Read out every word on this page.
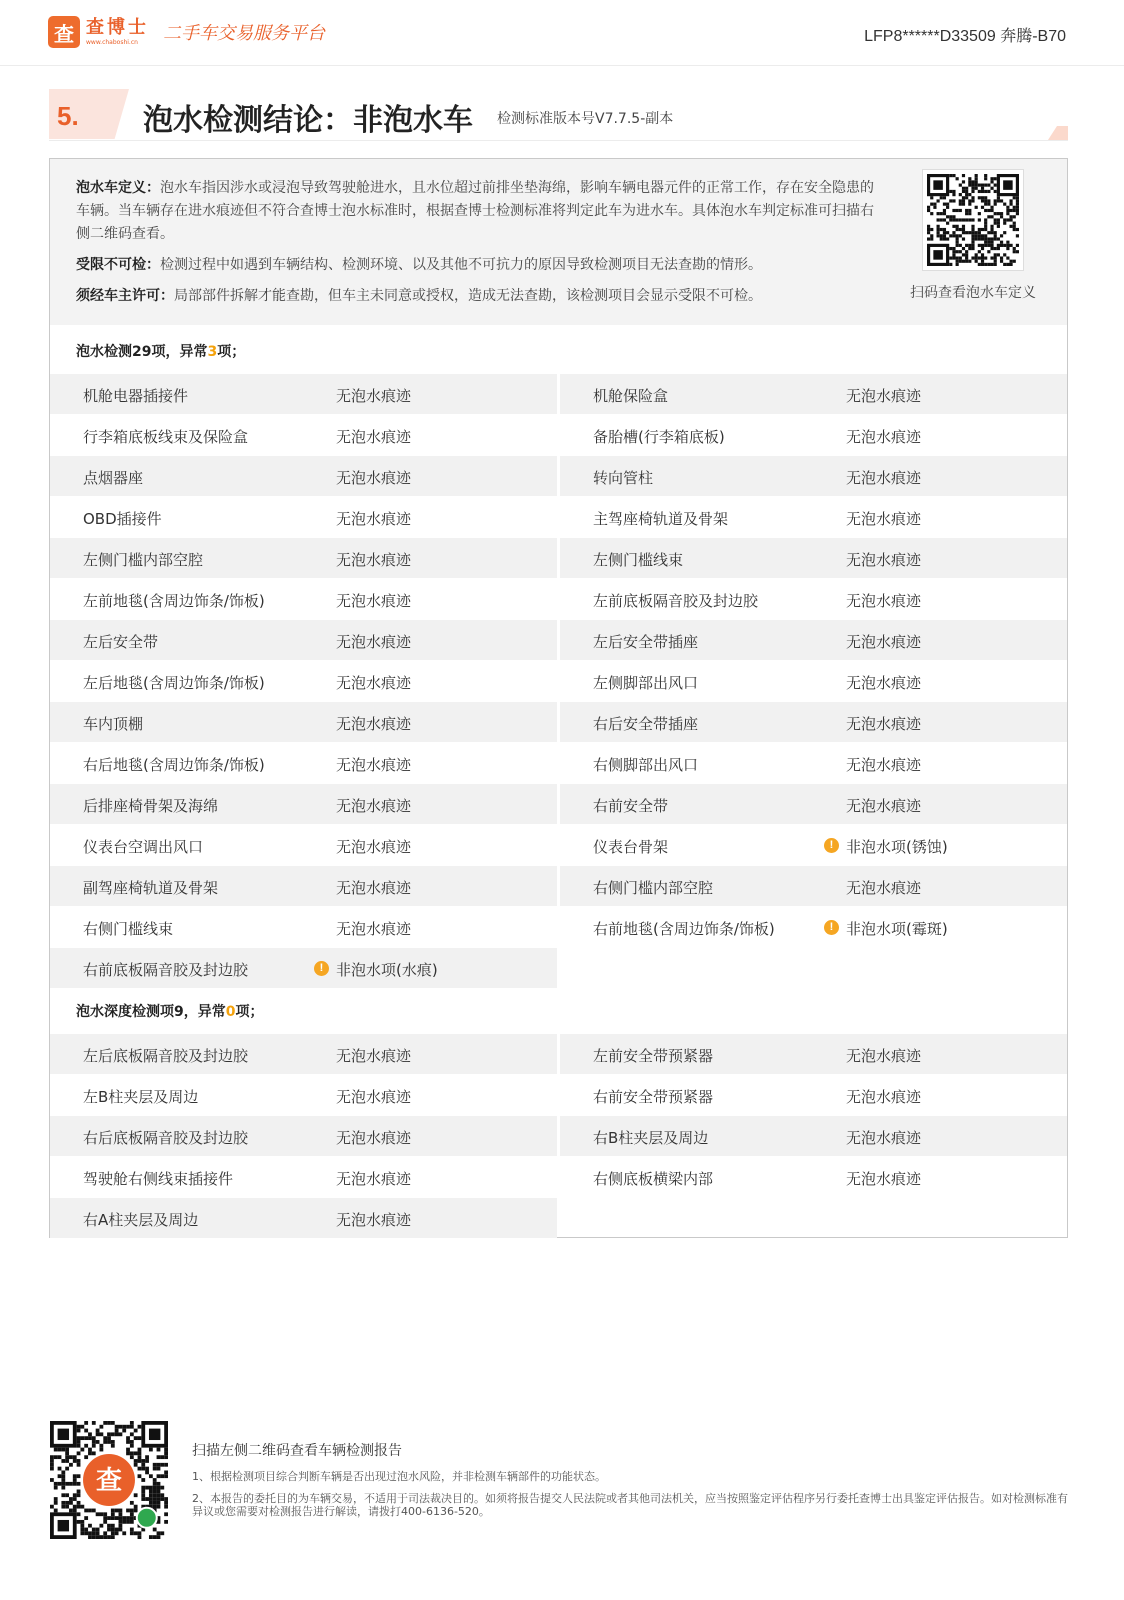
查 查博士
www.chaboshi.cn	二手车交易服务平台	LFP8******D33509 奔腾-B70
5. 泡水检测结论：非泡水车 检测标准版本号V7.7.5-副本

泡水车定义：泡水车指因涉水或浸泡导致驾驶舱进水，且水位超过前排坐垫海绵，影响车辆电器元件的正常工作，存在安全隐患的车辆。当车辆存在进水痕迹但不符合查博士泡水标准时，根据查博士检测标准将判定此车为进水车。具体泡水车判定标准可扫描右侧二维码查看。

受限不可检：检测过程中如遇到车辆结构、检测环境、以及其他不可抗力的原因导致检测项目无法查勘的情形。

须经车主许可：局部部件拆解才能查勘，但车主未同意或授权，造成无法查勘，该检测项目会显示受限不可检。	扫码查看泡水车定义
泡水检测29项，异常3项；
机舱电器插接件	无泡水痕迹	机舱保险盒	无泡水痕迹
行李箱底板线束及保险盒	无泡水痕迹	备胎槽(行李箱底板)	无泡水痕迹
点烟器座	无泡水痕迹	转向管柱	无泡水痕迹
OBD插接件	无泡水痕迹	主驾座椅轨道及骨架	无泡水痕迹
左侧门槛内部空腔	无泡水痕迹	左侧门槛线束	无泡水痕迹
左前地毯(含周边饰条/饰板)	无泡水痕迹	左前底板隔音胶及封边胶	无泡水痕迹
左后安全带	无泡水痕迹	左后安全带插座	无泡水痕迹
左后地毯(含周边饰条/饰板)	无泡水痕迹	左侧脚部出风口	无泡水痕迹
车内顶棚	无泡水痕迹	右后安全带插座	无泡水痕迹
右后地毯(含周边饰条/饰板)	无泡水痕迹	右侧脚部出风口	无泡水痕迹
后排座椅骨架及海绵	无泡水痕迹	右前安全带	无泡水痕迹
仪表台空调出风口	无泡水痕迹	仪表台骨架	! 非泡水项(锈蚀)
副驾座椅轨道及骨架	无泡水痕迹	右侧门槛内部空腔	无泡水痕迹
右侧门槛线束	无泡水痕迹	右前地毯(含周边饰条/饰板)	! 非泡水项(霉斑)
右前底板隔音胶及封边胶	! 非泡水项(水痕)
泡水深度检测项9，异常0项；
左后底板隔音胶及封边胶	无泡水痕迹	左前安全带预紧器	无泡水痕迹
左B柱夹层及周边	无泡水痕迹	右前安全带预紧器	无泡水痕迹
右后底板隔音胶及封边胶	无泡水痕迹	右B柱夹层及周边	无泡水痕迹
驾驶舱右侧线束插接件	无泡水痕迹	右侧底板横梁内部	无泡水痕迹
右A柱夹层及周边	无泡水痕迹
查
扫描左侧二维码查看车辆检测报告
1、根据检测项目综合判断车辆是否出现过泡水风险，并非检测车辆部件的功能状态。
2、本报告的委托目的为车辆交易，不适用于司法裁决目的。如须将报告提交人民法院或者其他司法机关，应当按照鉴定评估程序另行委托查博士出具鉴定评估报告。如对检测标准有异议或您需要对检测报告进行解读，请拨打400-6136-520。
